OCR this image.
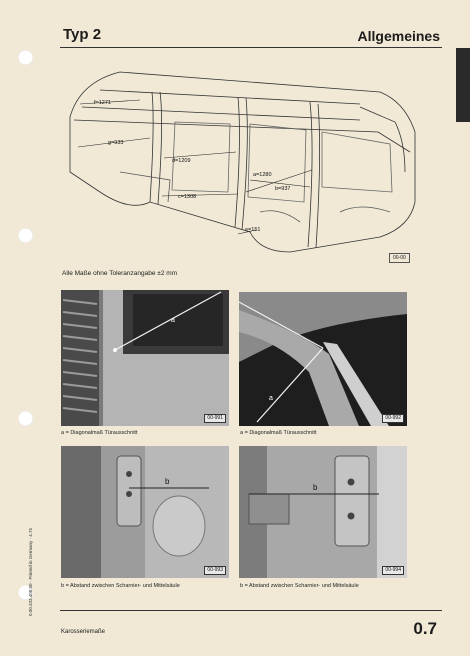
Typ 2	Allgemeines
f=1271
g=933
d=1209
c=1308
a=1280
b=937
e=151
00-00
Alle Maße ohne Toleranzangabe ±2 mm
a
00-991
a = Diagonalmaß Türausschnitt
a
00-992
a = Diagonalmaß Türausschnitt
b
00-993
b = Abstand zwischen Scharnier- und Mittelsäule
b
00-994
b = Abstand zwischen Scharnier- und Mittelsäule
0.00.333.408.00 · Printed in Germany · 4.75
Karosseriemaße	0.7
